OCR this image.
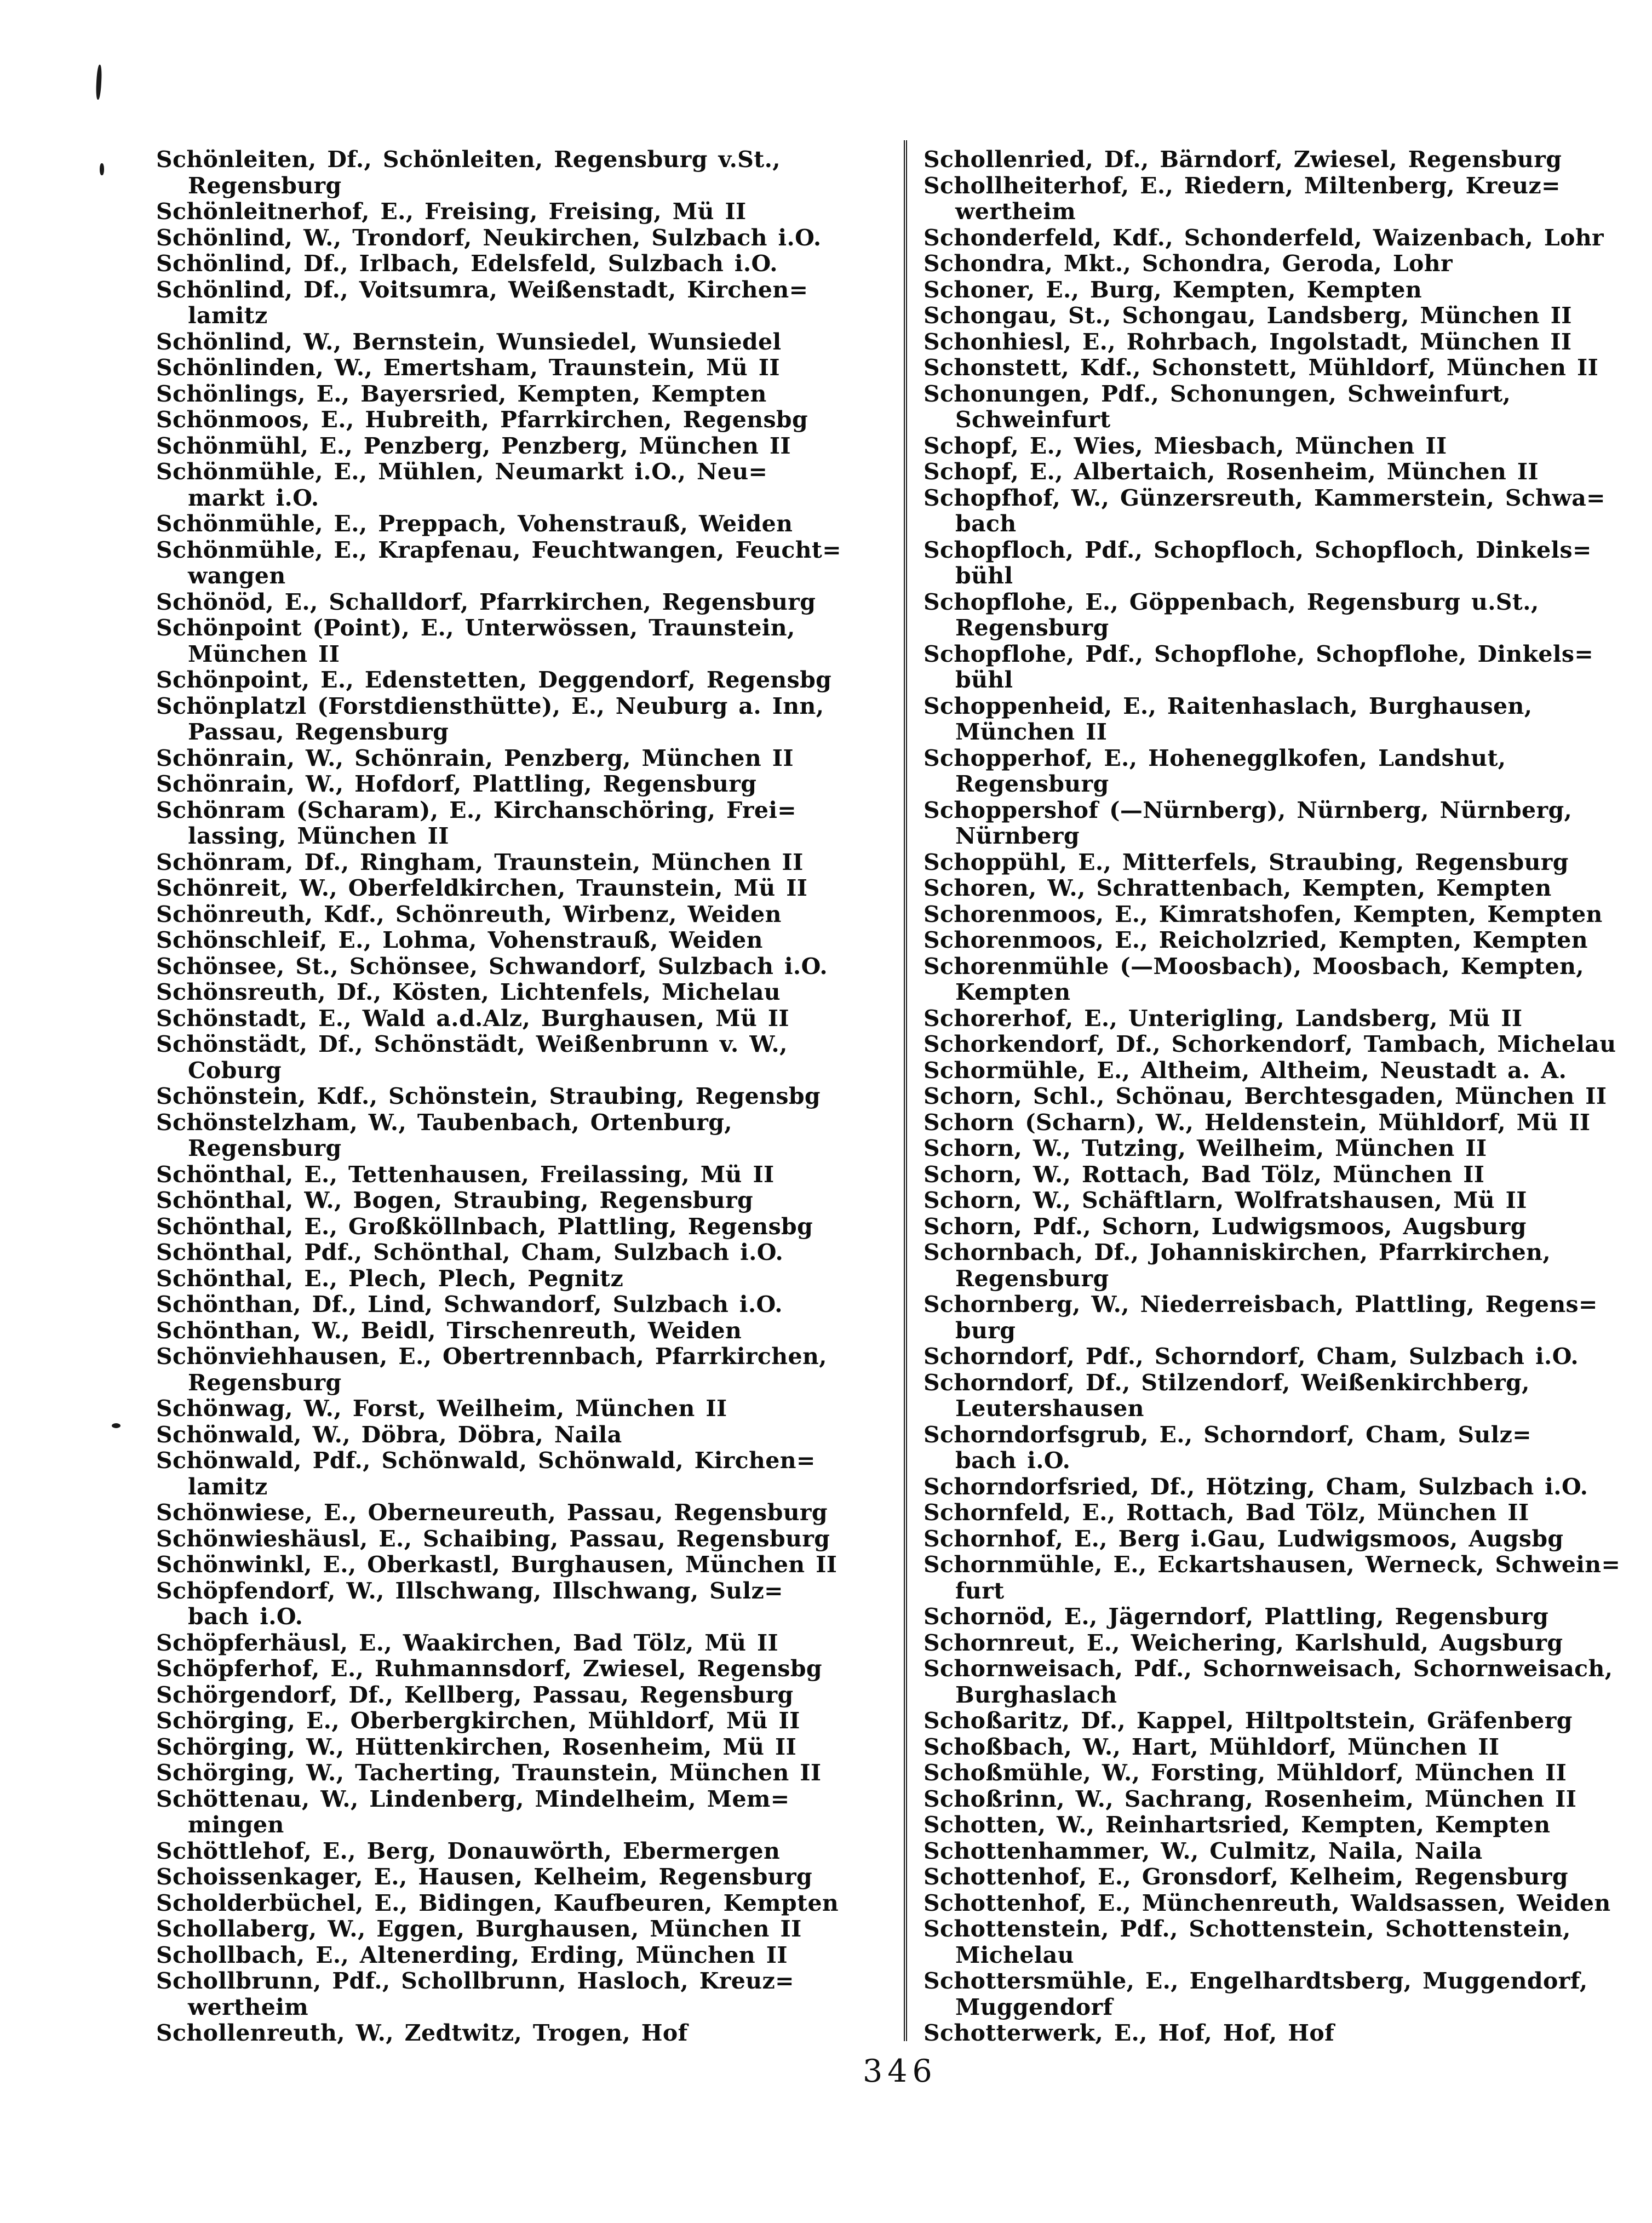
Schönleiten, Df., Schönleiten, Regensburg v.St.,
Regensburg
Schönleitnerhof, E., Freising, Freising, Mü II
Schönlind, W., Trondorf, Neukirchen, Sulzbach i.O.
Schönlind, Df., Irlbach, Edelsfeld, Sulzbach i.O.
Schönlind, Df., Voitsumra, Weißenstadt, Kirchen=
lamitz
Schönlind, W., Bernstein, Wunsiedel, Wunsiedel
Schönlinden, W., Emertsham, Traunstein, Mü II
Schönlings, E., Bayersried, Kempten, Kempten
Schönmoos, E., Hubreith, Pfarrkirchen, Regensbg
Schönmühl, E., Penzberg, Penzberg, München II
Schönmühle, E., Mühlen, Neumarkt i.O., Neu=
markt i.O.
Schönmühle, E., Preppach, Vohenstrauß, Weiden
Schönmühle, E., Krapfenau, Feuchtwangen, Feucht=
wangen
Schönöd, E., Schalldorf, Pfarrkirchen, Regensburg
Schönpoint (Point), E., Unterwössen, Traunstein,
München II
Schönpoint, E., Edenstetten, Deggendorf, Regensbg
Schönplatzl (Forstdiensthütte), E., Neuburg a. Inn,
Passau, Regensburg
Schönrain, W., Schönrain, Penzberg, München II
Schönrain, W., Hofdorf, Plattling, Regensburg
Schönram (Scharam), E., Kirchanschöring, Frei=
lassing, München II
Schönram, Df., Ringham, Traunstein, München II
Schönreit, W., Oberfeldkirchen, Traunstein, Mü II
Schönreuth, Kdf., Schönreuth, Wirbenz, Weiden
Schönschleif, E., Lohma, Vohenstrauß, Weiden
Schönsee, St., Schönsee, Schwandorf, Sulzbach i.O.
Schönsreuth, Df., Kösten, Lichtenfels, Michelau
Schönstadt, E., Wald a.d.Alz, Burghausen, Mü II
Schönstädt, Df., Schönstädt, Weißenbrunn v. W.,
Coburg
Schönstein, Kdf., Schönstein, Straubing, Regensbg
Schönstelzham, W., Taubenbach, Ortenburg,
Regensburg
Schönthal, E., Tettenhausen, Freilassing, Mü II
Schönthal, W., Bogen, Straubing, Regensburg
Schönthal, E., Großköllnbach, Plattling, Regensbg
Schönthal, Pdf., Schönthal, Cham, Sulzbach i.O.
Schönthal, E., Plech, Plech, Pegnitz
Schönthan, Df., Lind, Schwandorf, Sulzbach i.O.
Schönthan, W., Beidl, Tirschenreuth, Weiden
Schönviehhausen, E., Obertrennbach, Pfarrkirchen,
Regensburg
Schönwag, W., Forst, Weilheim, München II
Schönwald, W., Döbra, Döbra, Naila
Schönwald, Pdf., Schönwald, Schönwald, Kirchen=
lamitz
Schönwiese, E., Oberneureuth, Passau, Regensburg
Schönwieshäusl, E., Schaibing, Passau, Regensburg
Schönwinkl, E., Oberkastl, Burghausen, München II
Schöpfendorf, W., Illschwang, Illschwang, Sulz=
bach i.O.
Schöpferhäusl, E., Waakirchen, Bad Tölz, Mü II
Schöpferhof, E., Ruhmannsdorf, Zwiesel, Regensbg
Schörgendorf, Df., Kellberg, Passau, Regensburg
Schörging, E., Oberbergkirchen, Mühldorf, Mü II
Schörging, W., Hüttenkirchen, Rosenheim, Mü II
Schörging, W., Tacherting, Traunstein, München II
Schöttenau, W., Lindenberg, Mindelheim, Mem=
mingen
Schöttlehof, E., Berg, Donauwörth, Ebermergen
Schoissenkager, E., Hausen, Kelheim, Regensburg
Scholderbüchel, E., Bidingen, Kaufbeuren, Kempten
Schollaberg, W., Eggen, Burghausen, München II
Schollbach, E., Altenerding, Erding, München II
Schollbrunn, Pdf., Schollbrunn, Hasloch, Kreuz=
wertheim
Schollenreuth, W., Zedtwitz, Trogen, Hof
Schollenried, Df., Bärndorf, Zwiesel, Regensburg
Schollheiterhof, E., Riedern, Miltenberg, Kreuz=
wertheim
Schonderfeld, Kdf., Schonderfeld, Waizenbach, Lohr
Schondra, Mkt., Schondra, Geroda, Lohr
Schoner, E., Burg, Kempten, Kempten
Schongau, St., Schongau, Landsberg, München II
Schonhiesl, E., Rohrbach, Ingolstadt, München II
Schonstett, Kdf., Schonstett, Mühldorf, München II
Schonungen, Pdf., Schonungen, Schweinfurt,
Schweinfurt
Schopf, E., Wies, Miesbach, München II
Schopf, E., Albertaich, Rosenheim, München II
Schopfhof, W., Günzersreuth, Kammerstein, Schwa=
bach
Schopfloch, Pdf., Schopfloch, Schopfloch, Dinkels=
bühl
Schopflohe, E., Göppenbach, Regensburg u.St.,
Regensburg
Schopflohe, Pdf., Schopflohe, Schopflohe, Dinkels=
bühl
Schoppenheid, E., Raitenhaslach, Burghausen,
München II
Schopperhof, E., Hohenegglkofen, Landshut,
Regensburg
Schoppershof (—Nürnberg), Nürnberg, Nürnberg,
Nürnberg
Schoppühl, E., Mitterfels, Straubing, Regensburg
Schoren, W., Schrattenbach, Kempten, Kempten
Schorenmoos, E., Kimratshofen, Kempten, Kempten
Schorenmoos, E., Reicholzried, Kempten, Kempten
Schorenmühle (—Moosbach), Moosbach, Kempten,
Kempten
Schorerhof, E., Unterigling, Landsberg, Mü II
Schorkendorf, Df., Schorkendorf, Tambach, Michelau
Schormühle, E., Altheim, Altheim, Neustadt a. A.
Schorn, Schl., Schönau, Berchtesgaden, München II
Schorn (Scharn), W., Heldenstein, Mühldorf, Mü II
Schorn, W., Tutzing, Weilheim, München II
Schorn, W., Rottach, Bad Tölz, München II
Schorn, W., Schäftlarn, Wolfratshausen, Mü II
Schorn, Pdf., Schorn, Ludwigsmoos, Augsburg
Schornbach, Df., Johanniskirchen, Pfarrkirchen,
Regensburg
Schornberg, W., Niederreisbach, Plattling, Regens=
burg
Schorndorf, Pdf., Schorndorf, Cham, Sulzbach i.O.
Schorndorf, Df., Stilzendorf, Weißenkirchberg,
Leutershausen
Schorndorfsgrub, E., Schorndorf, Cham, Sulz=
bach i.O.
Schorndorfsried, Df., Hötzing, Cham, Sulzbach i.O.
Schornfeld, E., Rottach, Bad Tölz, München II
Schornhof, E., Berg i.Gau, Ludwigsmoos, Augsbg
Schornmühle, E., Eckartshausen, Werneck, Schwein=
furt
Schornöd, E., Jägerndorf, Plattling, Regensburg
Schornreut, E., Weichering, Karlshuld, Augsburg
Schornweisach, Pdf., Schornweisach, Schornweisach,
Burghaslach
Schoßaritz, Df., Kappel, Hiltpoltstein, Gräfenberg
Schoßbach, W., Hart, Mühldorf, München II
Schoßmühle, W., Forsting, Mühldorf, München II
Schoßrinn, W., Sachrang, Rosenheim, München II
Schotten, W., Reinhartsried, Kempten, Kempten
Schottenhammer, W., Culmitz, Naila, Naila
Schottenhof, E., Gronsdorf, Kelheim, Regensburg
Schottenhof, E., Münchenreuth, Waldsassen, Weiden
Schottenstein, Pdf., Schottenstein, Schottenstein,
Michelau
Schottersmühle, E., Engelhardtsberg, Muggendorf,
Muggendorf
Schotterwerk, E., Hof, Hof, Hof
346
